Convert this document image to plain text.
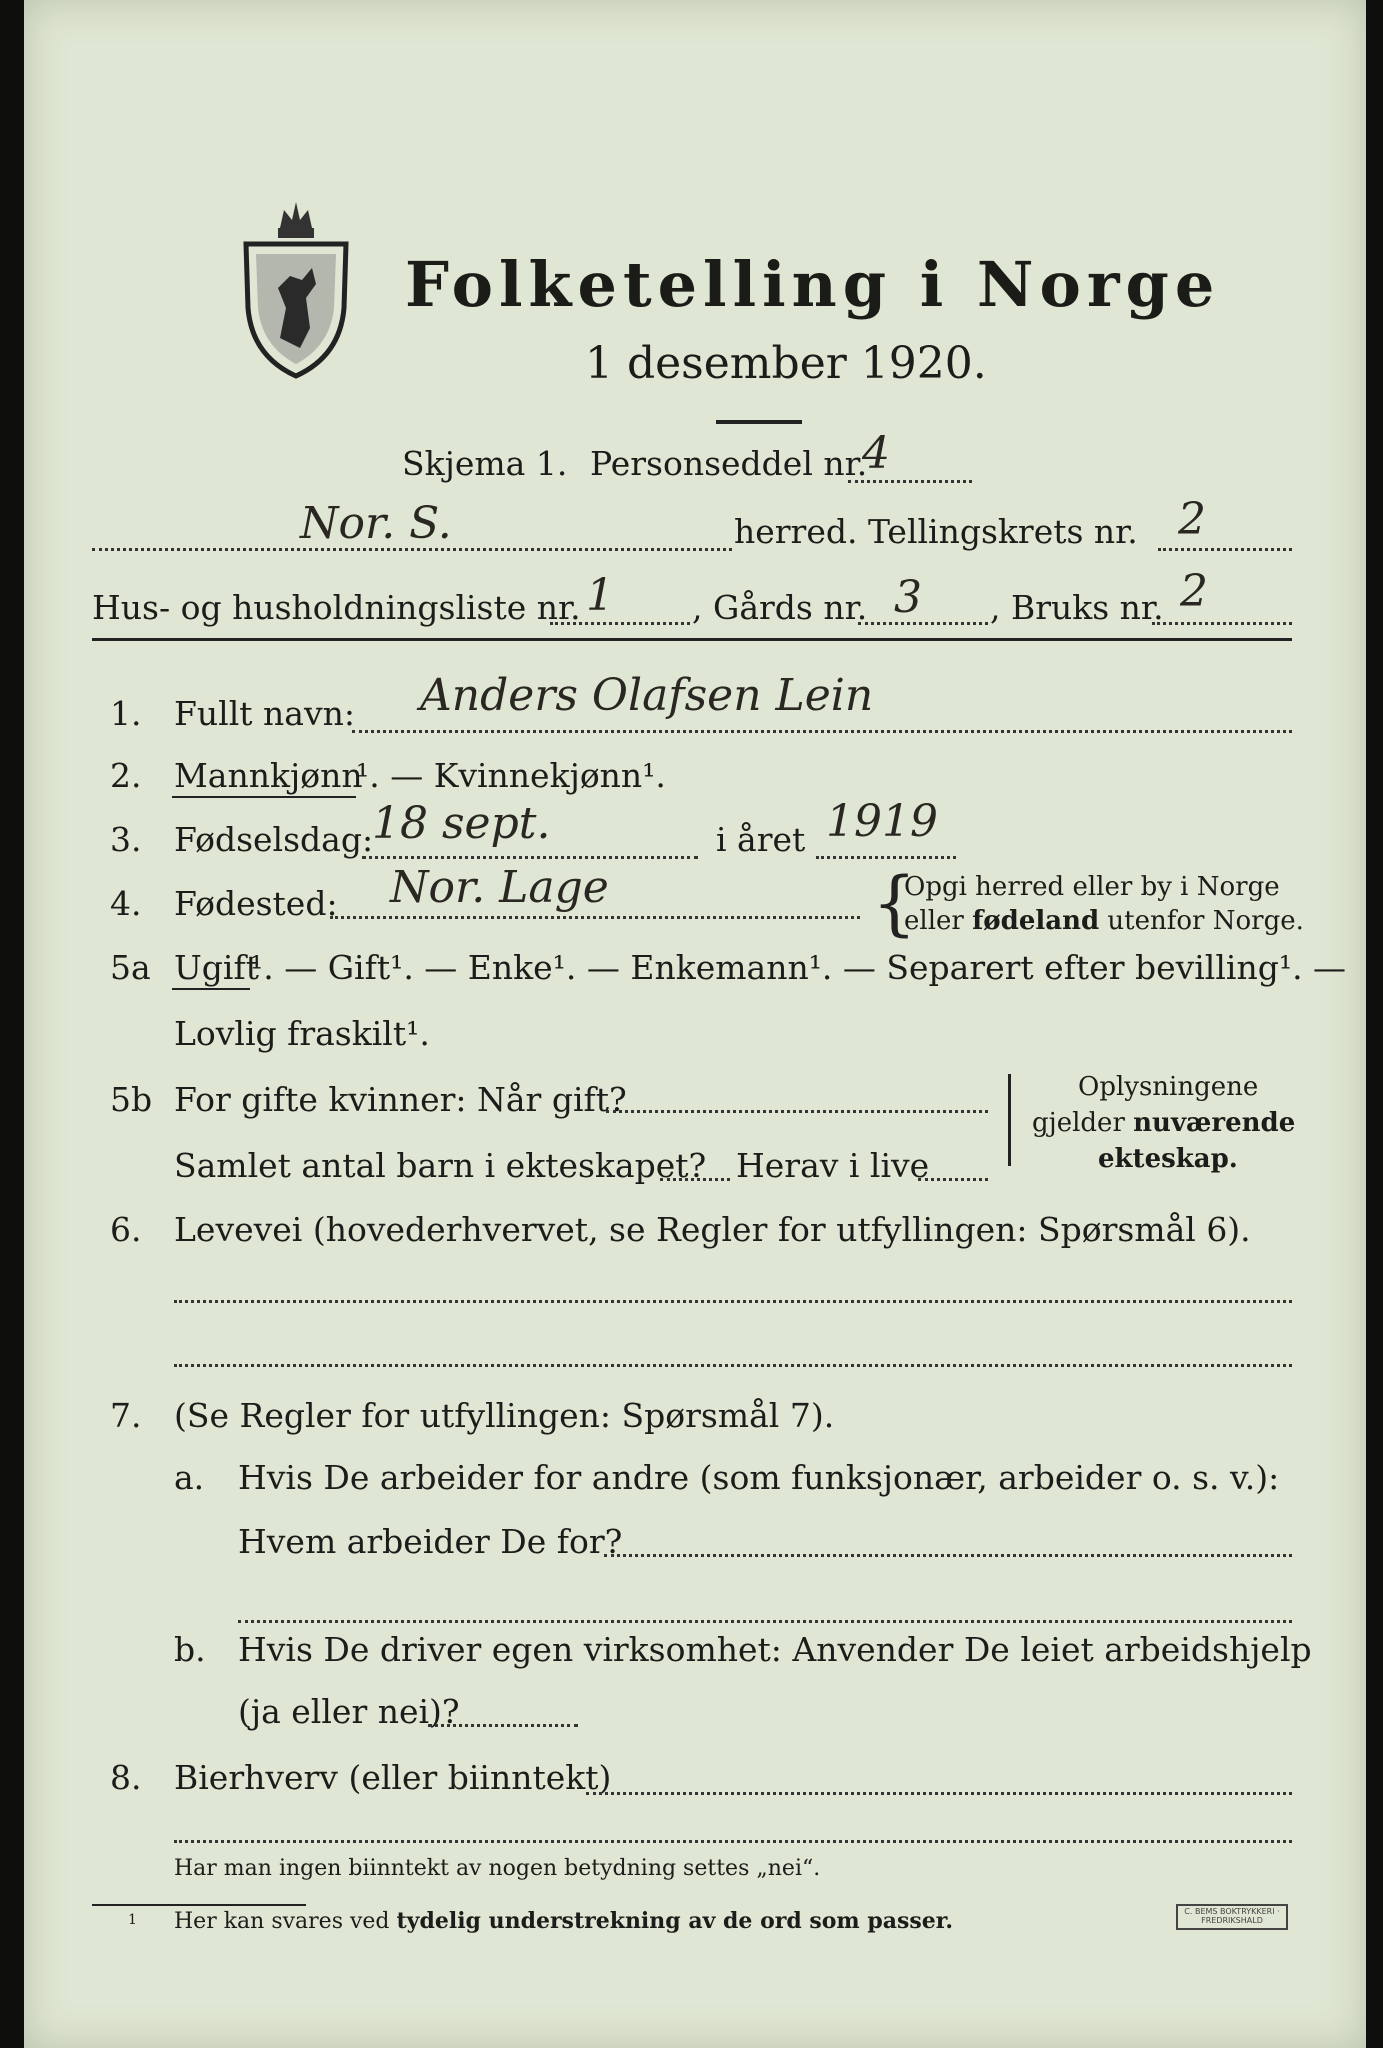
Folketelling i Norge
1 desember 1920.
Skjema 1. Personseddel nr.
4
Nor. S.	herred. Tellingskrets nr. 2
Hus- og husholdningsliste nr. 1 , Gårds nr. 3 , Bruks nr. 2
1. Fullt navn: Anders Olafsen Lein
2. Mannkjønn
¹. — Kvinnekjønn¹.
3. Fødselsdag:
18 sept.	i året 1919
4. Fødested: Nor. Lage	{
Opgi herred eller by i Norge
eller fødeland utenfor Norge.
5a Ugift
¹. — Gift¹. — Enke¹. — Enkemann¹. — Separert efter bevilling¹. —
Lovlig fraskilt¹.
5b For gifte kvinner: Når gift?
Samlet antal barn i ekteskapet? Herav i live
Oplysningene
gjelder nuværende
ekteskap.
6. Levevei (hovederhvervet, se Regler for utfyllingen: Spørsmål 6).
7. (Se Regler for utfyllingen: Spørsmål 7).
a. Hvis De arbeider for andre (som funksjonær, arbeider o. s. v.):
Hvem arbeider De for?
b. Hvis De driver egen virksomhet: Anvender De leiet arbeidshjelp
(ja eller nei)?
8. Bierhverv (eller biinntekt)
Har man ingen biinntekt av nogen betydning settes „nei“.
1 Her kan svares ved tydelig understrekning av de ord som passer.	C. BEMS BOKTRYKKERI · FREDRIKSHALD
